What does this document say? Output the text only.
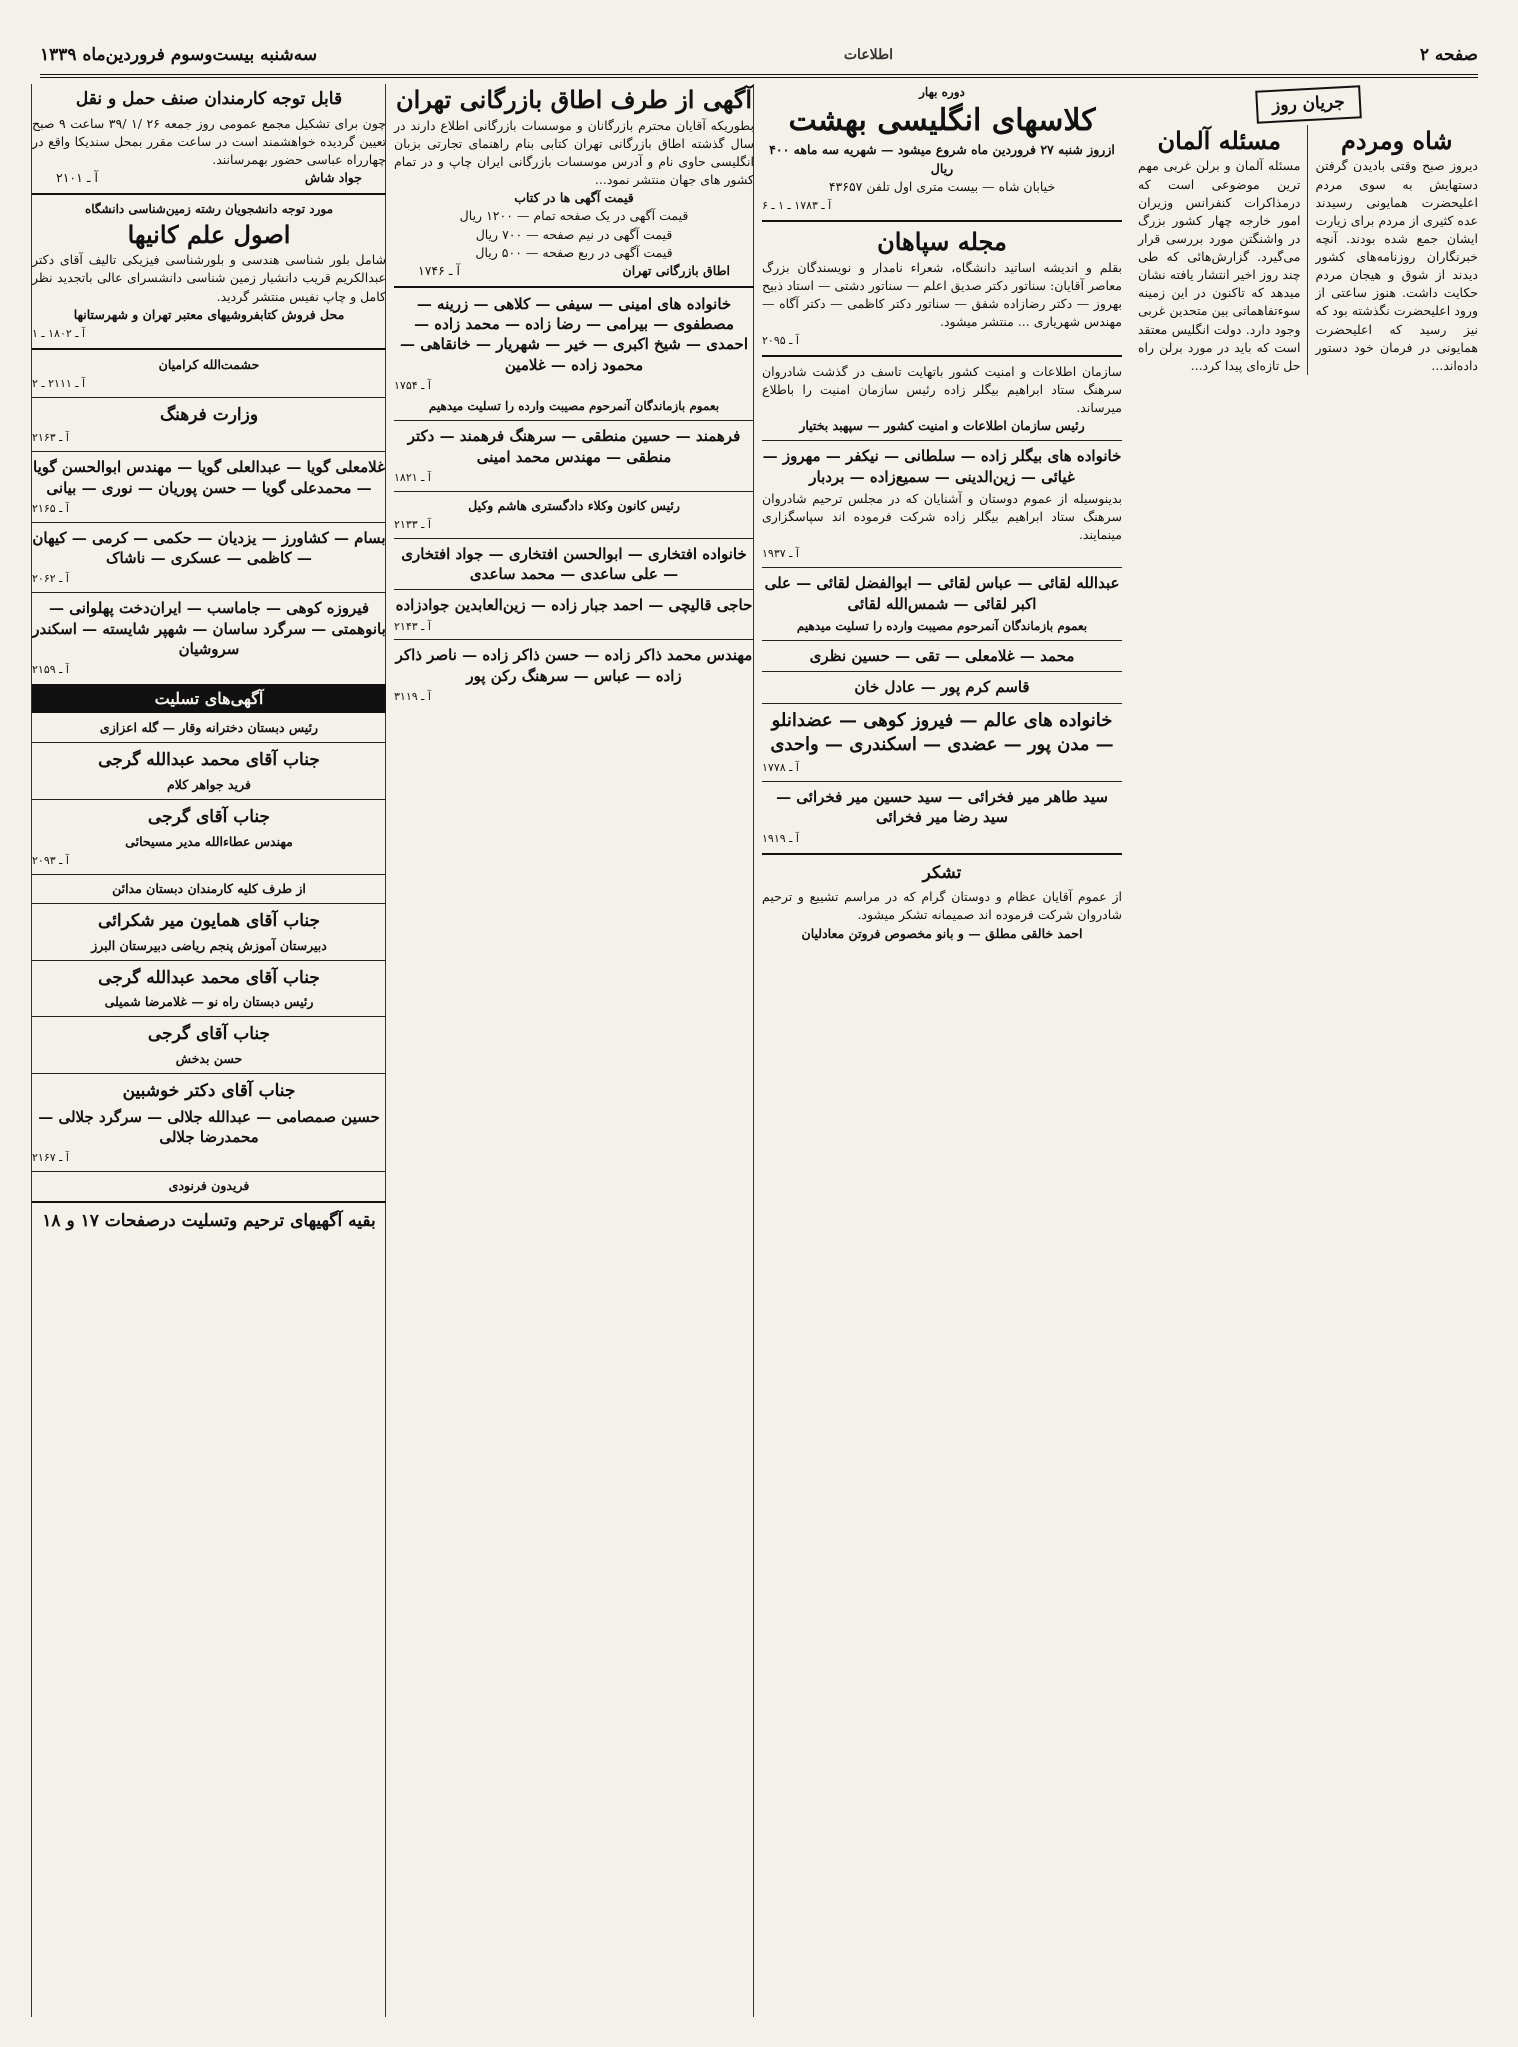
صفحه ۲
اطلاعات
سه‌شنبه بیست‌وسوم فروردین‌ماه ۱۳۳۹
جریان روز
شاه ومردم
دیروز صبح وقتی بادیدن گرفتن دستهایش به سوی مردم اعلیحضرت همایونی رسیدند عده کثیری از مردم برای زیارت ایشان جمع شده بودند. آنچه خبرنگاران روزنامه‌های کشور دیدند از شوق و هیجان مردم حکایت داشت. هنوز ساعتی از ورود اعلیحضرت نگذشته بود که نیز رسید که اعلیحضرت همایونی در فرمان خود دستور داده‌اند...
مسئله آلمان
مسئله آلمان و برلن غربی مهم ترین موضوعی است که درمذاکرات کنفرانس وزیران امور خارجه چهار کشور بزرگ در واشنگتن مورد بررسی قرار می‌گیرد. گزارش‌هائی که طی چند روز اخیر انتشار یافته نشان میدهد که تاکنون در این زمینه سوءتفاهماتی بین متحدین غربی وجود دارد. دولت انگلیس معتقد است که باید در مورد برلن راه حل تازه‌ای پیدا کرد...
دوره بهار
کلاسهای انگلیسی بهشت
ازروز شنبه ۲۷ فروردین ماه شروع میشود — شهریه سه ماهه ۴۰۰ ریال
خیابان شاه — بیست متری اول تلفن ۴۳۶۵۷
آ ـ ۱۷۸۳ ـ ۱ ـ ۶
مجله سپاهان
بقلم و اندیشه اساتید دانشگاه، شعراء نامدار و نویسندگان بزرگ معاصر آقایان: سناتور دکتر صدیق اعلم — سناتور دشتی — استاد ذبیح بهروز — دکتر رضازاده شفق — سناتور دکتر کاظمی — دکتر آگاه — مهندس شهریاری ... منتشر میشود.
آ ـ ۲۰۹۵
سازمان اطلاعات و امنیت کشور باتهایت تاسف در گذشت شادروان سرهنگ ستاد ابراهیم بیگلر زاده رئیس سازمان امنیت را باطلاع میرساند.
رئیس سازمان اطلاعات و امنیت کشور — سپهبد بختیار
خانواده های بیگلر زاده — سلطانی — نیکفر — مهروز — غیائی — زین‌الدینی — سمیع‌زاده — بردبار
بدینوسیله از عموم دوستان و آشنایان که در مجلس ترحیم شادروان سرهنگ ستاد ابراهیم بیگلر زاده شرکت فرموده اند سپاسگزاری مینمایند.
آ ـ ۱۹۳۷
عبدالله لقائی — عباس لقائی — ابوالفضل لقائی — علی اکبر لقائی — شمس‌الله لقائی
بعموم بازماندگان آنمرحوم مصیبت وارده را تسلیت میدهیم
محمد — غلامعلی — تقی — حسین نظری
قاسم کرم پور — عادل خان
خانواده های عالم — فیروز کوهی — عضدانلو — مدن پور — عضدی — اسکندری — واحدی
آ ـ ۱۷۷۸
سید طاهر میر فخرائی — سید حسین میر فخرائی — سید رضا میر فخرائی
آ ـ ۱۹۱۹
تشکر
از عموم آقایان عظام و دوستان گرام که در مراسم تشییع و ترحیم شادروان شرکت فرموده اند صمیمانه تشکر میشود.
احمد خالقی مطلق — و بانو مخصوص فروتن معادلیان
آگهی از طرف اطاق بازرگانی تهران
بطوریکه آقایان محترم بازرگانان و موسسات بازرگانی اطلاع دارند در سال گذشته اطاق بازرگانی تهران کتابی بنام راهنمای تجارتی بزبان انگلیسی حاوی نام و آدرس موسسات بازرگانی ایران چاپ و در تمام کشور های جهان منتشر نمود...
قیمت آگهی ها در کتاب
قیمت آگهی در یک صفحه تمام — ۱۲۰۰ ریال
قیمت آگهی در نیم صفحه — ۷۰۰ ریال
قیمت آگهی در ربع صفحه — ۵۰۰ ریال
اطاق بازرگانی تهران
آ ـ ۱۷۴۶
خانواده های امینی — سیفی — کلاهی — زرینه — مصطفوی — بیرامی — رضا زاده — محمد زاده — احمدی — شیخ اکبری — خیر — شهریار — خانقاهی — محمود زاده — غلامین
آ ـ ۱۷۵۴
بعموم بازماندگان آنمرحوم مصیبت وارده را تسلیت میدهیم
فرهمند — حسین منطقی — سرهنگ فرهمند — دکتر منطقی — مهندس محمد امینی
آ ـ ۱۸۲۱
رئیس کانون وکلاء دادگستری هاشم وکیل
آ ـ ۲۱۳۳
خانواده افتخاری — ابوالحسن افتخاری — جواد افتخاری — علی ساعدی — محمد ساعدی
حاجی قالیچی — احمد جبار زاده — زین‌العابدین جوادزاده
آ ـ ۲۱۴۳
مهندس محمد ذاکر زاده — حسن ذاکر زاده — ناصر ذاکر زاده — عباس — سرهنگ رکن پور
آ ـ ۳۱۱۹
قابل توجه کارمندان صنف حمل و نقل
چون برای تشکیل مجمع عمومی روز جمعه ۲۶ /۱ /۳۹ ساعت ۹ صبح تعیین گردیده خواهشمند است در ساعت مقرر بمحل سندیکا واقع در چهارراه عباسی حضور بهمرسانند.
جواد شاش
آ ـ ۲۱۰۱
مورد توجه دانشجویان رشته زمین‌شناسی دانشگاه
اصول علم کانیها
شامل بلور شناسی هندسی و بلورشناسی فیزیکی تالیف آقای دکتر عبدالکریم قریب دانشیار زمین شناسی دانشسرای عالی باتجدید نظر کامل و چاپ نفیس منتشر گردید.
محل فروش کتابفروشیهای معتبر تهران و شهرستانها
آ ـ ۱۸۰۲ ـ ۱
حشمت‌الله کرامیان
آ ـ ۲۱۱۱ ـ ۲
وزارت فرهنگ
آ ـ ۲۱۶۳
غلامعلی گویا — عبدالعلی گویا — مهندس ابوالحسن گویا — محمدعلی گویا — حسن پوریان — نوری — بیانی
آ ـ ۲۱۶۵
بسام — کشاورز — یزدیان — حکمی — کرمی — کیهان — کاظمی — عسکری — ناشاک
آ ـ ۲۰۶۲
فیروزه کوهی — جاماسب — ایران‌دخت پهلوانی — بانوهمتی — سرگرد ساسان — شهپر شایسته — اسکندر سروشیان
آ ـ ۲۱۵۹
آگهی‌های تسلیت
رئیس دبستان دخترانه وقار — گله اعزازی
جناب آقای محمد عبدالله گرجی
فرید جواهر کلام
جناب آقای گرجی
مهندس عطاءالله مدیر مسیحائی
آ ـ ۲۰۹۳
از طرف کلیه کارمندان دبستان مدائن
جناب آقای همایون میر شکرائی
دبیرستان آموزش پنجم ریاضی دبیرستان البرز
جناب آقای محمد عبدالله گرجی
رئیس دبستان راه نو — غلامرضا شمیلی
جناب آقای گرجی
حسن بدخش
جناب آقای دکتر خوشبین
حسین صمصامی — عبدالله جلالی — سرگرد جلالی — محمدرضا جلالی
آ ـ ۲۱۶۷
فریدون فرنودی
بقیه آگهیهای ترحیم وتسلیت درصفحات ۱۷ و ۱۸
